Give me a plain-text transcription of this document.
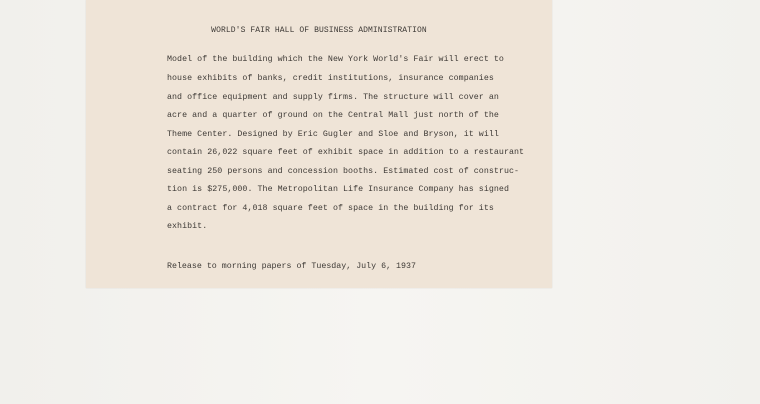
WORLD'S FAIR HALL OF BUSINESS ADMINISTRATION
Model of the building which the New York World's Fair will erect to
house exhibits of banks, credit institutions, insurance companies
and office equipment and supply firms. The structure will cover an
acre and a quarter of ground on the Central Mall just north of the
Theme Center. Designed by Eric Gugler and Sloe and Bryson, it will
contain 26,022 square feet of exhibit space in addition to a restaurant
seating 250 persons and concession booths. Estimated cost of construc-
tion is $275,000. The Metropolitan Life Insurance Company has signed
a contract for 4,018 square feet of space in the building for its
exhibit.
Release to morning papers of Tuesday, July 6, 1937
